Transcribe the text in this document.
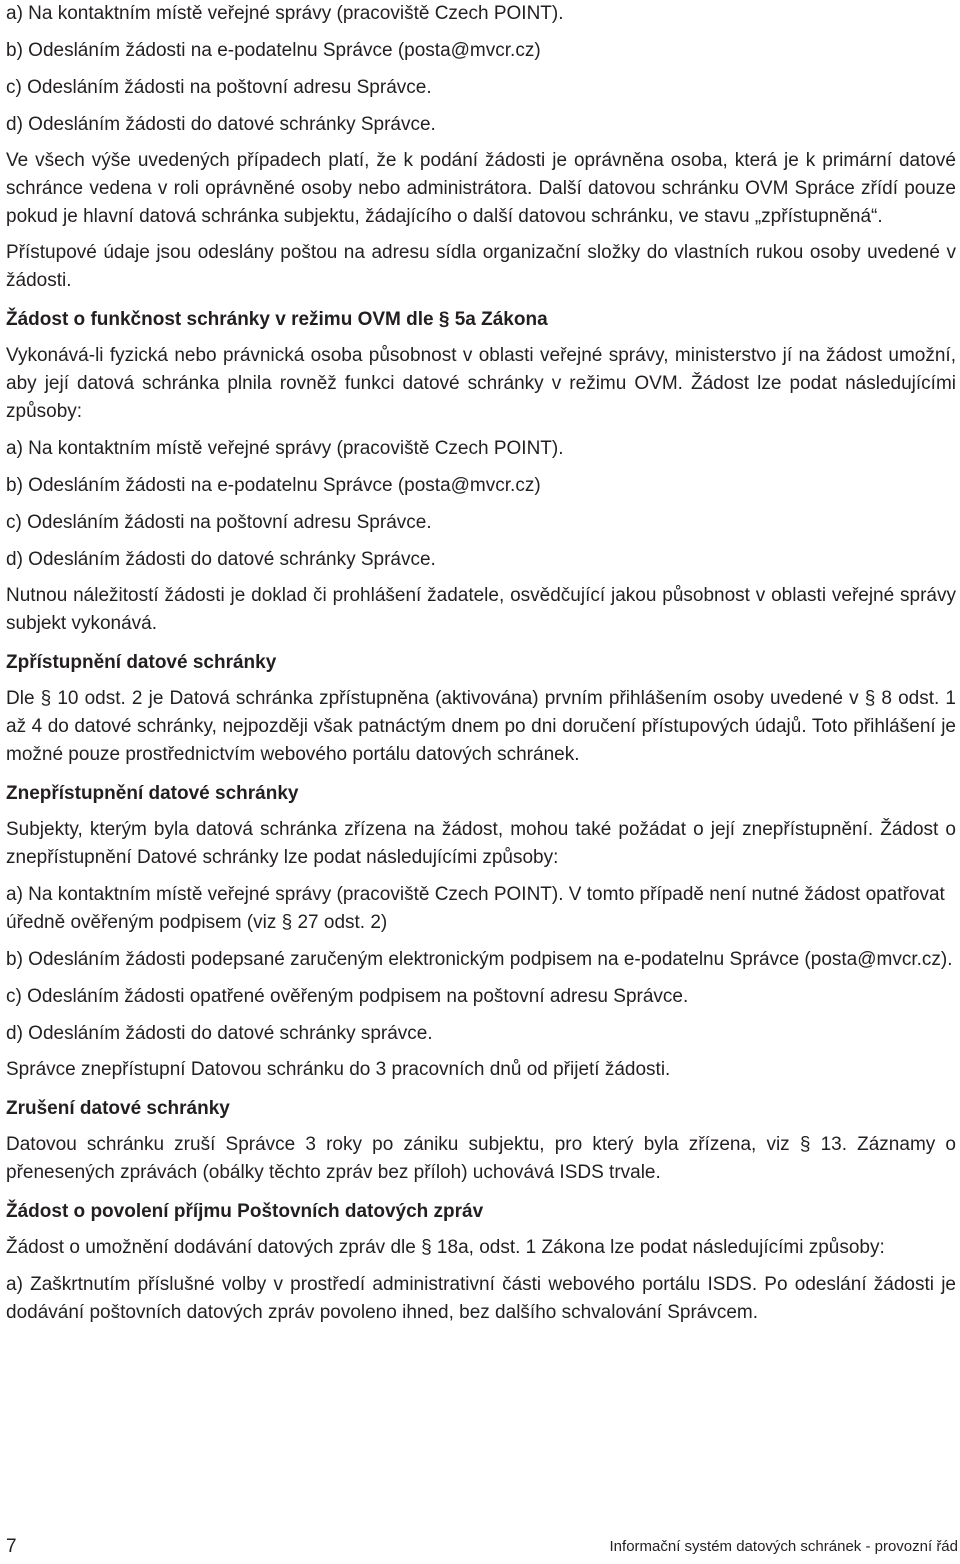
a) Na kontaktním místě veřejné správy (pracoviště Czech POINT).

b) Odesláním žádosti na e-podatelnu Správce (posta@mvcr.cz)

c) Odesláním žádosti na poštovní adresu Správce.

d) Odesláním žádosti do datové schránky Správce.

Ve všech výše uvedených případech platí, že k podání žádosti je oprávněna osoba, která je k primární datové schránce vedena v roli oprávněné osoby nebo administrátora. Další datovou schránku OVM Spráce zřídí pouze pokud je hlavní datová schránka subjektu, žádajícího o další datovou schránku, ve stavu „zpřístupněná“.

Přístupové údaje jsou odeslány poštou na adresu sídla organizační složky do vlastních rukou osoby uvedené v žádosti.

Žádost o funkčnost schránky v režimu OVM dle § 5a Zákona

Vykonává-li fyzická nebo právnická osoba působnost v oblasti veřejné správy, ministerstvo jí na žádost umožní, aby její datová schránka plnila rovněž funkci datové schránky v režimu OVM. Žádost lze podat následujícími způsoby:

a) Na kontaktním místě veřejné správy (pracoviště Czech POINT).

b) Odesláním žádosti na e-podatelnu Správce (posta@mvcr.cz)

c) Odesláním žádosti na poštovní adresu Správce.

d) Odesláním žádosti do datové schránky Správce.

Nutnou náležitostí žádosti je doklad či prohlášení žadatele, osvědčující jakou působnost v oblasti veřejné správy subjekt vykonává.

Zpřístupnění datové schránky

Dle § 10 odst. 2 je Datová schránka zpřístupněna (aktivována) prvním přihlášením osoby uvedené v § 8 odst. 1 až 4 do datové schránky, nejpozději však patnáctým dnem po dni doručení přístupových údajů. Toto přihlášení je možné pouze prostřednictvím webového portálu datových schránek.

Znepřístupnění datové schránky

Subjekty, kterým byla datová schránka zřízena na žádost, mohou také požádat o její znepřístupnění. Žádost o znepřístupnění Datové schránky lze podat následujícími způsoby:

a) Na kontaktním místě veřejné správy (pracoviště Czech POINT). V tomto případě není nutné žádost opatřovat úředně ověřeným podpisem (viz § 27 odst. 2)

b) Odesláním žádosti podepsané zaručeným elektronickým podpisem na e-podatelnu Správce (posta@mvcr.cz).

c) Odesláním žádosti opatřené ověřeným podpisem na poštovní adresu Správce.

d) Odesláním žádosti do datové schránky správce.

Správce znepřístupní Datovou schránku do 3 pracovních dnů od přijetí žádosti.

Zrušení datové schránky

Datovou schránku zruší Správce 3 roky po zániku subjektu, pro který byla zřízena, viz § 13. Záznamy o přenesených zprávách (obálky těchto zpráv bez příloh) uchovává ISDS trvale.

Žádost o povolení příjmu Poštovních datových zpráv

Žádost o umožnění dodávání datových zpráv dle § 18a, odst. 1 Zákona lze podat následujícími způsoby:

a) Zaškrtnutím příslušné volby v prostředí administrativní části webového portálu ISDS. Po odeslání žádosti je dodávání poštovních datových zpráv povoleno ihned, bez dalšího schvalování Správcem.

7	Informační systém datových schránek - provozní řád
